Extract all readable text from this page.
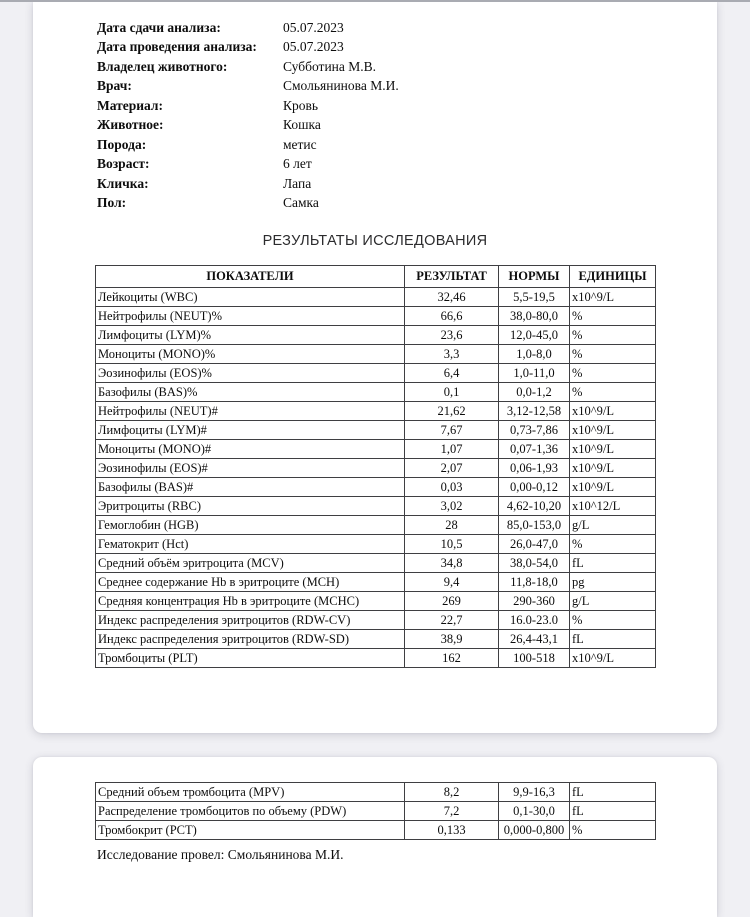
Дата сдачи анализа:	05.07.2023
Дата проведения анализа:	05.07.2023
Владелец животного:	Субботина М.В.
Врач:	Смольянинова М.И.
Материал:	Кровь
Животное:	Кошка
Порода:	метис
Возраст:	6 лет
Кличка:	Лапа
Пол:	Самка
РЕЗУЛЬТАТЫ ИССЛЕДОВАНИЯ
ПОКАЗАТЕЛИ	РЕЗУЛЬТАТ	НОРМЫ	ЕДИНИЦЫ
Лейкоциты (WBC)	32,46	5,5-19,5	x10^9/L
Нейтрофилы (NEUT)%	66,6	38,0-80,0	%
Лимфоциты (LYM)%	23,6	12,0-45,0	%
Моноциты (MONO)%	3,3	1,0-8,0	%
Эозинофилы (EOS)%	6,4	1,0-11,0	%
Базофилы (BAS)%	0,1	0,0-1,2	%
Нейтрофилы (NEUT)#	21,62	3,12-12,58	x10^9/L
Лимфоциты (LYM)#	7,67	0,73-7,86	x10^9/L
Моноциты (MONO)#	1,07	0,07-1,36	x10^9/L
Эозинофилы (EOS)#	2,07	0,06-1,93	x10^9/L
Базофилы (BAS)#	0,03	0,00-0,12	x10^9/L
Эритроциты (RBC)	3,02	4,62-10,20	x10^12/L
Гемоглобин (HGB)	28	85,0-153,0	g/L
Гематокрит (Hct)	10,5	26,0-47,0	%
Средний объём эритроцита (MCV)	34,8	38,0-54,0	fL
Среднее содержание Hb в эритроците (MCH)	9,4	11,8-18,0	pg
Средняя концентрация Hb в эритроците (MCHC)	269	290-360	g/L
Индекс распределения эритроцитов (RDW-CV)	22,7	16.0-23.0	%
Индекс распределения эритроцитов (RDW-SD)	38,9	26,4-43,1	fL
Тромбоциты (PLT)	162	100-518	x10^9/L
Средний объем тромбоцита (MPV)	8,2	9,9-16,3	fL
Распределение тромбоцитов по объему (PDW)	7,2	0,1-30,0	fL
Тромбокрит (PCT)	0,133	0,000-0,800	%
Исследование провел: Смольянинова М.И.
